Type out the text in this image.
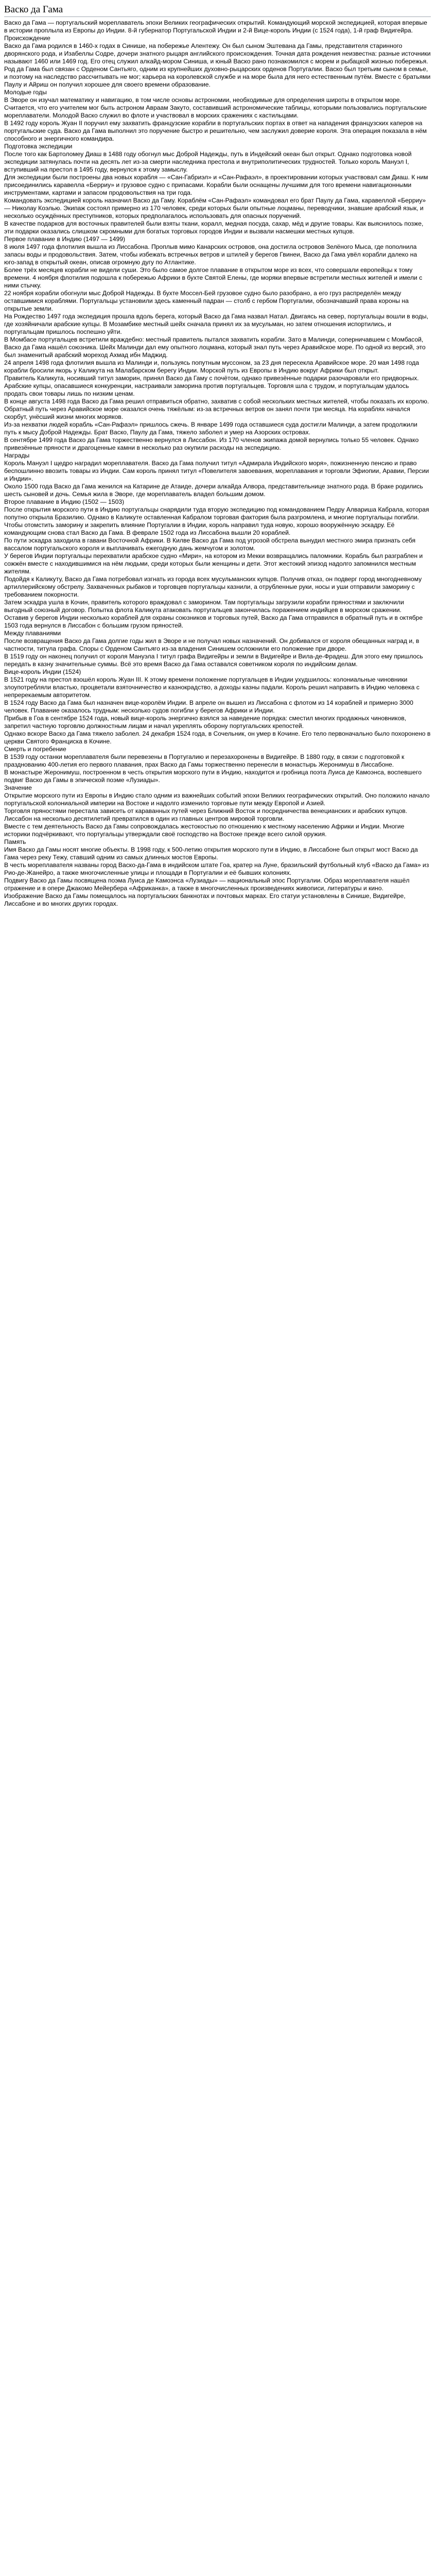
Васко да Гама

Васко да Гама — португальский мореплаватель эпохи Великих географических открытий. Командующий морской экспедицией, которая впервые в истории проплыла из Европы до Индии. 8-й губернатор Португальской Индии и 2-й Вице-король Индии (с 1524 года), 1-й граф Видигейра.

Происхождение

Васко да Гама родился в 1460-х годах в Синише, на побережье Алентежу. Он был сыном Эштевана да Гамы, представителя старинного дворянского рода, и Изабеллы Содре, дочери знатного рыцаря английского происхождения. Точная дата рождения неизвестна: разные источники называют 1460 или 1469 год. Его отец служил алкайд-мором Синиша, и юный Васко рано познакомился с морем и рыбацкой жизнью побережья.

Род да Гама был связан с Орденом Сантьяго, одним из крупнейших духовно-рыцарских орденов Португалии. Васко был третьим сыном в семье, и поэтому на наследство рассчитывать не мог; карьера на королевской службе и на море была для него естественным путём. Вместе с братьями Паулу и Айриш он получил хорошее для своего времени образование.

Молодые годы

В Эворе он изучал математику и навигацию, в том числе основы астрономии, необходимые для определения широты в открытом море. Считается, что его учителем мог быть астроном Авраам Закуто, составивший астрономические таблицы, которыми пользовались португальские мореплаватели. Молодой Васко служил во флоте и участвовал в морских сражениях с кастильцами.

В 1492 году король Жуан II поручил ему захватить французские корабли в португальских портах в ответ на нападения французских каперов на португальские суда. Васко да Гама выполнил это поручение быстро и решительно, чем заслужил доверие короля. Эта операция показала в нём способного и энергичного командира.

Подготовка экспедиции

После того как Бартоломеу Диаш в 1488 году обогнул мыс Доброй Надежды, путь в Индейский океан был открыт. Однако подготовка новой экспедиции затянулась почти на десять лет из-за смерти наследника престола и внутриполитических трудностей. Только король Мануэл I, вступивший на престол в 1495 году, вернулся к этому замыслу.

Для экспедиции были построены два новых корабля — «Сан-Габриэл» и «Сан-Рафаэл», в проектировании которых участвовал сам Диаш. К ним присоединились каравелла «Берриу» и грузовое судно с припасами. Корабли были оснащены лучшими для того времени навигационными инструментами, картами и запасом продовольствия на три года.

Командовать экспедицией король назначил Васко да Гаму. Кораблём «Сан-Рафаэл» командовал его брат Паулу да Гама, каравеллой «Берриу» — Николау Коэлью. Экипаж состоял примерно из 170 человек, среди которых были опытные лоцманы, переводчики, знавшие арабский язык, и несколько осуждённых преступников, которых предполагалось использовать для опасных поручений.

В качестве подарков для восточных правителей были взяты ткани, коралл, медная посуда, сахар, мёд и другие товары. Как выяснилось позже, эти подарки оказались слишком скромными для богатых торговых городов Индии и вызвали насмешки местных купцов.

Первое плавание в Индию (1497 — 1499)

8 июля 1497 года флотилия вышла из Лиссабона. Проплыв мимо Канарских островов, она достигла островов Зелёного Мыса, где пополнила запасы воды и продовольствия. Затем, чтобы избежать встречных ветров и штилей у берегов Гвинеи, Васко да Гама увёл корабли далеко на юго-запад в открытый океан, описав огромную дугу по Атлантике.

Более трёх месяцев корабли не видели суши. Это было самое долгое плавание в открытом море из всех, что совершали европейцы к тому времени. 4 ноября флотилия подошла к побережью Африки в бухте Святой Елены, где моряки впервые встретили местных жителей и имели с ними стычку.

22 ноября корабли обогнули мыс Доброй Надежды. В бухте Моссел-Бей грузовое судно было разобрано, а его груз распределён между оставшимися кораблями. Португальцы установили здесь каменный падран — столб с гербом Португалии, обозначавший права короны на открытые земли.

На Рождество 1497 года экспедиция прошла вдоль берега, который Васко да Гама назвал Натал. Двигаясь на север, португальцы вошли в воды, где хозяйничали арабские купцы. В Мозамбике местный шейх сначала принял их за мусульман, но затем отношения испортились, и португальцам пришлось поспешно уйти.

В Момбасе португальцев встретили враждебно: местный правитель пытался захватить корабли. Зато в Малинди, соперничавшем с Момбасой, Васко да Гама нашёл союзника. Шейх Малинди дал ему опытного лоцмана, который знал путь через Аравийское море. По одной из версий, это был знаменитый арабский мореход Ахмад ибн Маджид.

24 апреля 1498 года флотилия вышла из Малинди и, пользуясь попутным муссоном, за 23 дня пересекла Аравийское море. 20 мая 1498 года корабли бросили якорь у Каликута на Малабарском берегу Индии. Морской путь из Европы в Индию вокруг Африки был открыт.

Правитель Каликута, носивший титул заморин, принял Васко да Гаму с почётом, однако привезённые подарки разочаровали его придворных. Арабские купцы, опасавшиеся конкуренции, настраивали заморина против португальцев. Торговля шла с трудом, и португальцам удалось продать свои товары лишь по низким ценам.

В конце августа 1498 года Васко да Гама решил отправиться обратно, захватив с собой нескольких местных жителей, чтобы показать их королю. Обратный путь через Аравийское море оказался очень тяжёлым: из-за встречных ветров он занял почти три месяца. На кораблях начался скорбут, унёсший жизни многих моряков.

Из-за нехватки людей корабль «Сан-Рафаэл» пришлось сжечь. В январе 1499 года оставшиеся суда достигли Малинди, а затем продолжили путь к мысу Доброй Надежды. Брат Васко, Паулу да Гама, тяжело заболел и умер на Азорских островах.

В сентябре 1499 года Васко да Гама торжественно вернулся в Лиссабон. Из 170 членов экипажа домой вернулись только 55 человек. Однако привезённые пряности и драгоценные камни в несколько раз окупили расходы на экспедицию.

Награды

Король Мануэл I щедро наградил мореплавателя. Васко да Гама получил титул «Адмирала Индийского моря», пожизненную пенсию и право беспошлинно ввозить товары из Индии. Сам король принял титул «Повелителя завоевания, мореплавания и торговли Эфиопии, Аравии, Персии и Индии».

Около 1500 года Васко да Гама женился на Катарине де Атаиде, дочери алкайда Алвора, представительнице знатного рода. В браке родились шесть сыновей и дочь. Семья жила в Эворе, где мореплаватель владел большим домом.

Второе плавание в Индию (1502 — 1503)

После открытия морского пути в Индию португальцы снарядили туда вторую экспедицию под командованием Педру Алвариша Кабрала, которая попутно открыла Бразилию. Однако в Каликуте оставленная Кабралом торговая фактория была разгромлена, и многие португальцы погибли.

Чтобы отомстить заморину и закрепить влияние Португалии в Индии, король направил туда новую, хорошо вооружённую эскадру. Её командующим снова стал Васко да Гама. В феврале 1502 года из Лиссабона вышли 20 кораблей.

По пути эскадра заходила в гавани Восточной Африки. В Килве Васко да Гама под угрозой обстрела вынудил местного эмира признать себя вассалом португальского короля и выплачивать ежегодную дань жемчугом и золотом.

У берегов Индии португальцы перехватили арабское судно «Мири», на котором из Мекки возвращались паломники. Корабль был разграблен и сожжён вместе с находившимися на нём людьми, среди которых были женщины и дети. Этот жестокий эпизод надолго запомнился местным жителям.

Подойдя к Каликуту, Васко да Гама потребовал изгнать из города всех мусульманских купцов. Получив отказ, он подверг город многодневному артиллерийскому обстрелу. Захваченных рыбаков и торговцев португальцы казнили, а отрубленные руки, носы и уши отправили заморину с требованием покорности.

Затем эскадра ушла в Кочин, правитель которого враждовал с заморином. Там португальцы загрузили корабли пряностями и заключили выгодный союзный договор. Попытка флота Каликута атаковать португальцев закончилась поражением индийцев в морском сражении.

Оставив у берегов Индии несколько кораблей для охраны союзников и торговых путей, Васко да Гама отправился в обратный путь и в октябре 1503 года вернулся в Лиссабон с большим грузом пряностей.

Между плаваниями

После возвращения Васко да Гама долгие годы жил в Эворе и не получал новых назначений. Он добивался от короля обещанных наград и, в частности, титула графа. Споры с Орденом Сантьяго из-за владения Синишем осложнили его положение при дворе.

В 1519 году он наконец получил от короля Мануэла I титул графа Видигейры и земли в Видигейре и Вила-де-Фрадеш. Для этого ему пришлось передать в казну значительные суммы. Всё это время Васко да Гама оставался советником короля по индийским делам.

Вице-король Индии (1524)

В 1521 году на престол взошёл король Жуан III. К этому времени положение португальцев в Индии ухудшилось: колониальные чиновники злоупотребляли властью, процветали взяточничество и казнокрадство, а доходы казны падали. Король решил направить в Индию человека с непререкаемым авторитетом.

В 1524 году Васко да Гама был назначен вице-королём Индии. В апреле он вышел из Лиссабона с флотом из 14 кораблей и примерно 3000 человек. Плавание оказалось трудным: несколько судов погибли у берегов Африки и Индии.

Прибыв в Гоа в сентябре 1524 года, новый вице-король энергично взялся за наведение порядка: сместил многих продажных чиновников, запретил частную торговлю должностным лицам и начал укреплять оборону португальских крепостей.

Однако вскоре Васко да Гама тяжело заболел. 24 декабря 1524 года, в Сочельник, он умер в Кочине. Его тело первоначально было похоронено в церкви Святого Франциска в Кочине.

Смерть и погребение

В 1539 году останки мореплавателя были перевезены в Португалию и перезахоронены в Видигейре. В 1880 году, в связи с подготовкой к празднованию 400-летия его первого плавания, прах Васко да Гамы торжественно перенесли в монастырь Жеронимуш в Лиссабоне.

В монастыре Жеронимуш, построенном в честь открытия морского пути в Индию, находится и гробница поэта Луиса де Камоэнса, воспевшего подвиг Васко да Гамы в эпической поэме «Лузиады».

Значение

Открытие морского пути из Европы в Индию стало одним из важнейших событий эпохи Великих географических открытий. Оно положило начало португальской колониальной империи на Востоке и надолго изменило торговые пути между Европой и Азией.

Торговля пряностями перестала зависеть от караванных путей через Ближний Восток и посредничества венецианских и арабских купцов. Лиссабон на несколько десятилетий превратился в один из главных центров мировой торговли.

Вместе с тем деятельность Васко да Гамы сопровождалась жестокостью по отношению к местному населению Африки и Индии. Многие историки подчёркивают, что португальцы утверждали своё господство на Востоке прежде всего силой оружия.

Память

Имя Васко да Гамы носят многие объекты. В 1998 году, к 500-летию открытия морского пути в Индию, в Лиссабоне был открыт мост Васко да Гама через реку Тежу, ставший одним из самых длинных мостов Европы.

В честь мореплавателя названы город Васко-да-Гама в индийском штате Гоа, кратер на Луне, бразильский футбольный клуб «Васко да Гама» из Рио-де-Жанейро, а также многочисленные улицы и площади в Португалии и её бывших колониях.

Подвигу Васко да Гамы посвящена поэма Луиса де Камоэнса «Лузиады» — национальный эпос Португалии. Образ мореплавателя нашёл отражение и в опере Джакомо Мейербера «Африканка», а также в многочисленных произведениях живописи, литературы и кино.

Изображение Васко да Гамы помещалось на португальских банкнотах и почтовых марках. Его статуи установлены в Синише, Видигейре, Лиссабоне и во многих других городах.
